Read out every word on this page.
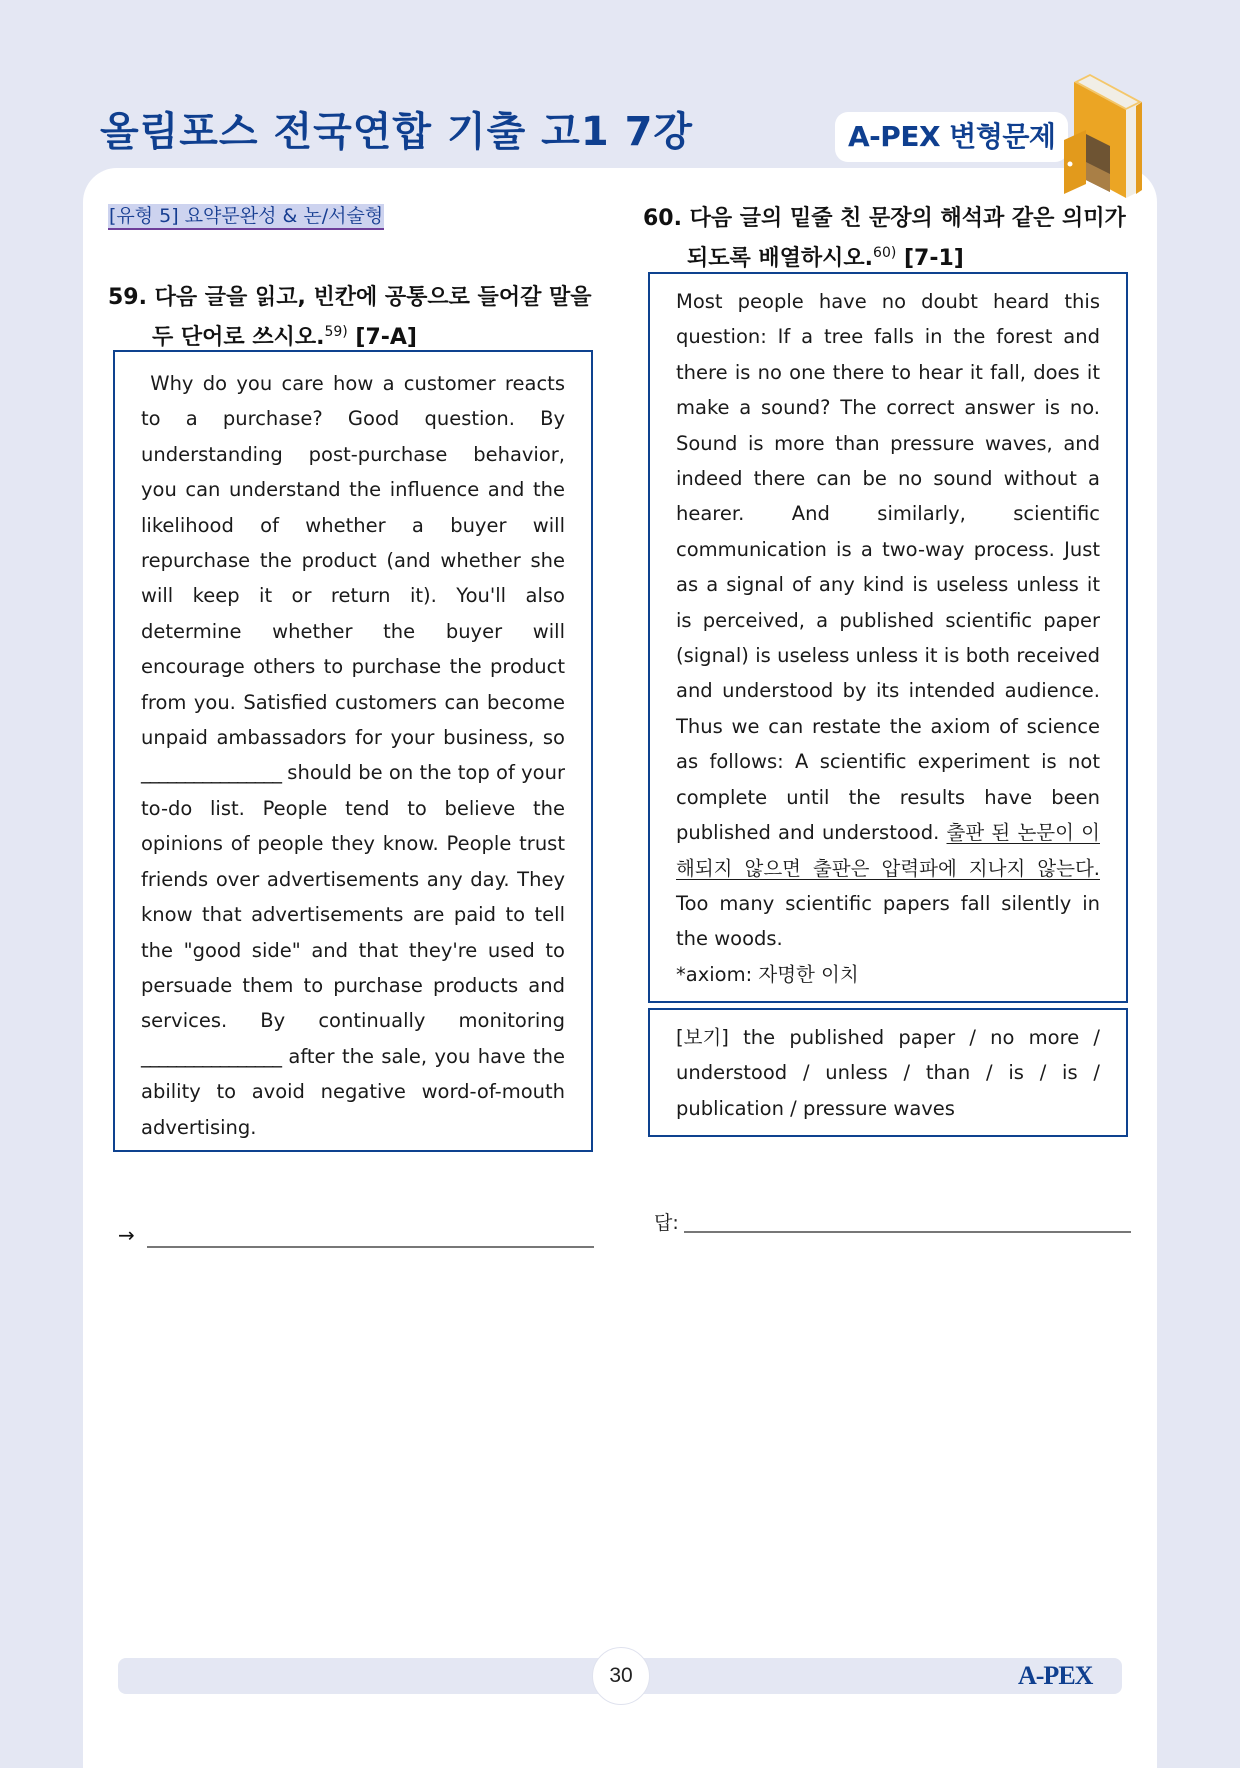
올림포스 전국연합 기출 고1 7강	A-PEX 변형문제
[유형 5] 요약문완성 & 논/서술형
59. 다음 글을 읽고, 빈칸에 공통으로 들어갈 말을
두 단어로 쓰시오.$^{59)}$ [7-A]
Why do you care how a customer reacts to a purchase? Good question. By understanding post-purchase behavior, you can understand the influence and the likelihood of whether a buyer will repurchase the product (and whether she will keep it or return it). You'll also determine whether the buyer will encourage others to purchase the product from you. Satisfied customers can become unpaid ambassadors for your business, so ________________ should be on the top of your to-do list. People tend to believe the opinions of people they know. People trust friends over advertisements any day. They know that advertisements are paid to tell the "good side" and that they're used to persuade them to purchase products and services. By continually monitoring ________________ after the sale, you have the ability to avoid negative word-of-mouth advertising.
→
60. 다음 글의 밑줄 친 문장의 해석과 같은 의미가
되도록 배열하시오.$^{60)}$ [7-1]
Most people have no doubt heard this question: If a tree falls in the forest and there is no one there to hear it fall, does it make a sound? The correct answer is no. Sound is more than pressure waves, and indeed there can be no sound without a hearer. And similarly, scientific communication is a two-way process. Just as a signal of any kind is useless unless it is perceived, a published scientific paper (signal) is useless unless it is both received and understood by its intended audience. Thus we can restate the axiom of science as follows: A scientific experiment is not complete until the results have been published and understood. 출판 된 논문이 이해되지 않으면 출판은 압력파에 지나지 않는다. Too many scientific papers fall silently in the woods.
*axiom: 자명한 이치
[보기] the published paper / no more / understood / unless / than / is / is / publication / pressure waves
답:
30	A-PEX
